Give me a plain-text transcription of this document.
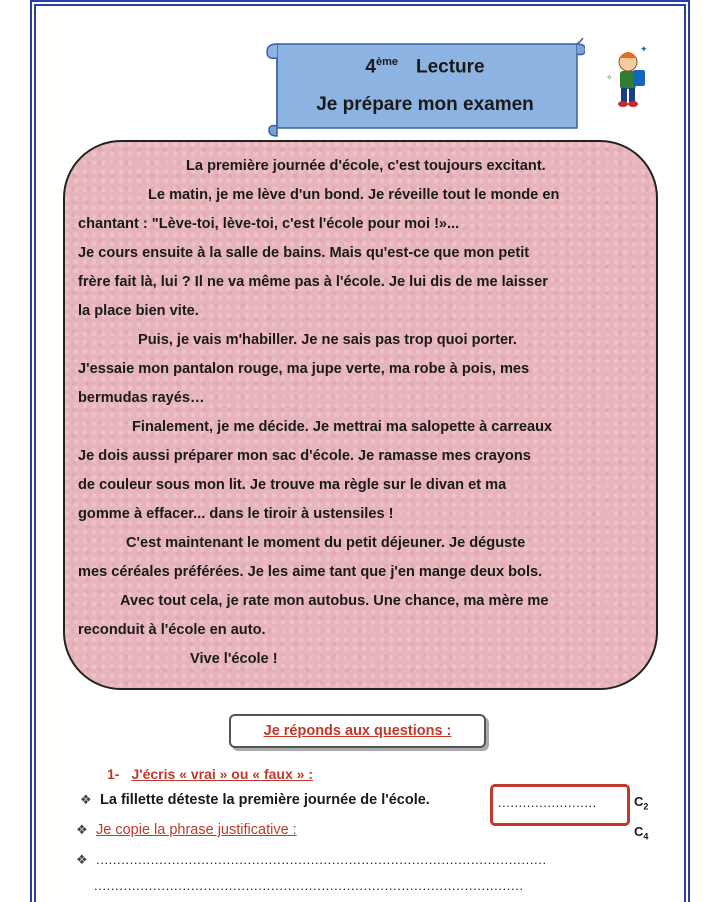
4ème Lecture
Je prépare mon examen
✦
✧

La première journée d'école, c'est toujours excitant.

Le matin, je me lève d'un bond. Je réveille tout le monde en

chantant : "Lève-toi, lève-toi, c'est l'école pour moi !»...

Je cours ensuite à la salle de bains. Mais qu'est-ce que mon petit

frère fait là, lui ? Il ne va même pas à l'école. Je lui dis de me laisser

la place bien vite.

Puis, je vais m'habiller. Je ne sais pas trop quoi porter.

J'essaie mon pantalon rouge, ma jupe verte, ma robe à pois, mes

bermudas rayés…

Finalement, je me décide. Je mettrai ma salopette à carreaux

Je dois aussi préparer mon sac d'école. Je ramasse mes crayons

de couleur sous mon lit. Je trouve ma règle sur le divan et ma

gomme à effacer... dans le tiroir à ustensiles !

C'est maintenant le moment du petit déjeuner. Je déguste

mes céréales préférées. Je les aime tant que j'en mange deux bols.

Avec tout cela, je rate mon autobus. Une chance, ma mère me

reconduit à l'école en auto.

Vive l'école !

Je réponds aux questions :
1- J'écris « vrai » ou « faux » :
❖ La fillette déteste la première journée de l'école.	........................	$C_2$
❖ Je copie la phrase justificative :	$C_4$
❖ ...........................................................................................................
......................................................................................................
